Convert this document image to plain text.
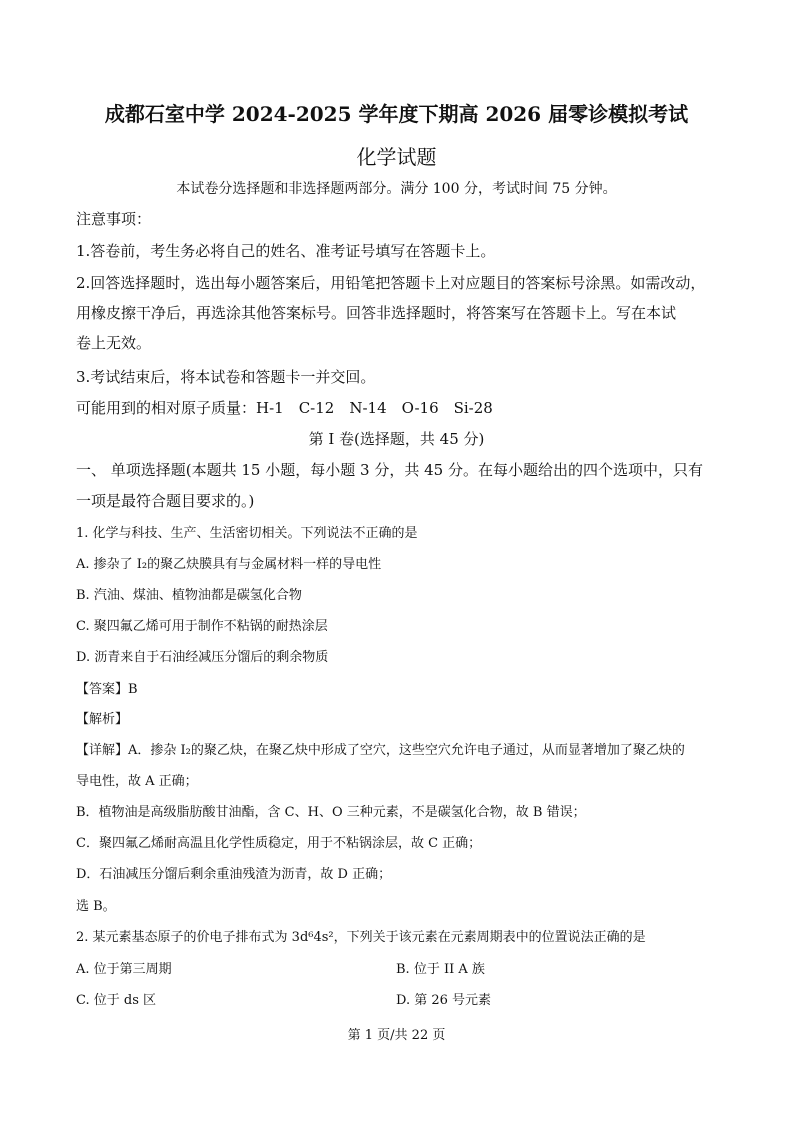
成都石室中学 2024-2025 学年度下期高 2026 届零诊模拟考试
化学试题
本试卷分选择题和非选择题两部分。满分 100 分，考试时间 75 分钟。
注意事项：
1.答卷前，考生务必将自己的姓名、准考证号填写在答题卡上。
2.回答选择题时，选出每小题答案后，用铅笔把答题卡上对应题目的答案标号涂黑。如需改动，
用橡皮擦干净后，再选涂其他答案标号。回答非选择题时，将答案写在答题卡上。写在本试
卷上无效。
3.考试结束后，将本试卷和答题卡一并交回。
可能用到的相对原子质量：H-1　C-12　N-14　O-16　Si-28
第 I 卷(选择题，共 45 分)
一、 单项选择题(本题共 15 小题，每小题 3 分，共 45 分。在每小题给出的四个选项中，只有
一项是最符合题目要求的。)
1. 化学与科技、生产、生活密切相关。下列说法不正确的是
A. 掺杂了 I₂的聚乙炔膜具有与金属材料一样的导电性
B. 汽油、煤油、植物油都是碳氢化合物
C. 聚四氟乙烯可用于制作不粘锅的耐热涂层
D. 沥青来自于石油经减压分馏后的剩余物质
【答案】B
【解析】
【详解】A．掺杂 I₂的聚乙炔，在聚乙炔中形成了空穴，这些空穴允许电子通过，从而显著增加了聚乙炔的
导电性，故 A 正确；
B．植物油是高级脂肪酸甘油酯，含 C、H、O 三种元素，不是碳氢化合物，故 B 错误；
C．聚四氟乙烯耐高温且化学性质稳定，用于不粘锅涂层，故 C 正确；
D．石油减压分馏后剩余重油残渣为沥青，故 D 正确；
选 B。
2. 某元素基态原子的价电子排布式为 3d⁶4s²，下列关于该元素在元素周期表中的位置说法正确的是
A. 位于第三周期	B. 位于 II A 族
C. 位于 ds 区	D. 第 26 号元素
第 1 页/共 22 页
